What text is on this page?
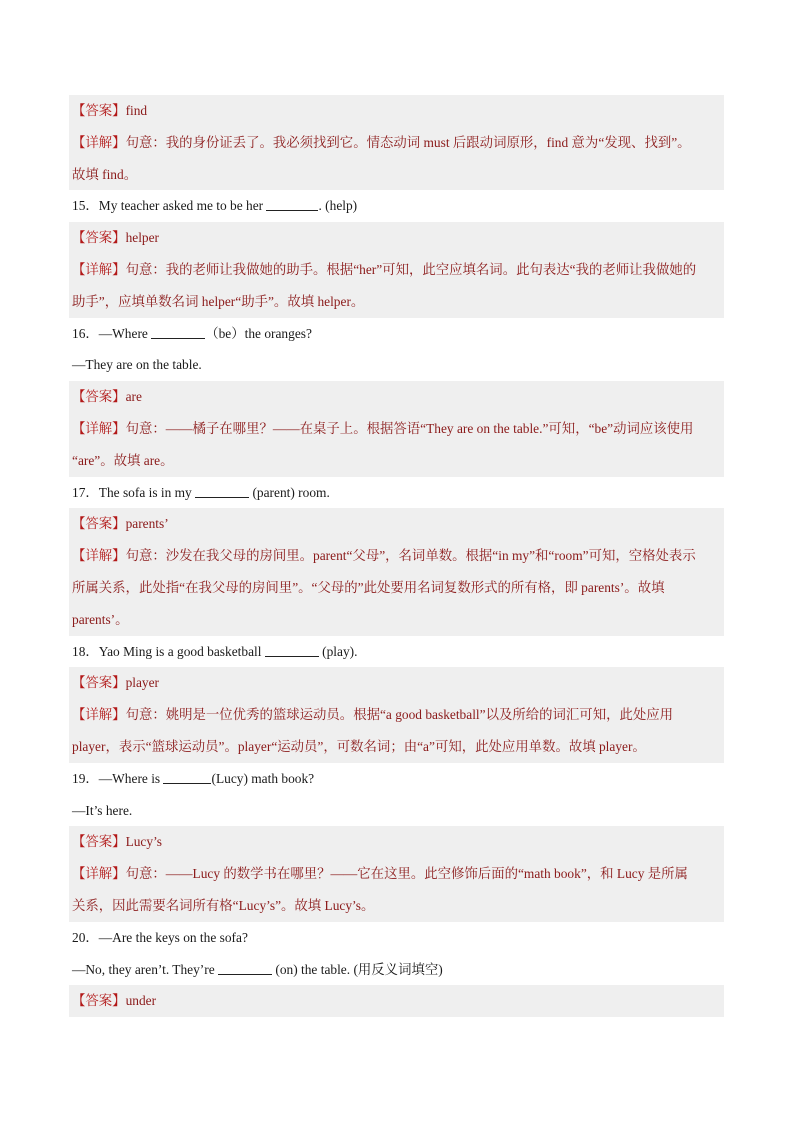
【答案】find
【详解】句意：我的身份证丢了。我必须找到它。情态动词 must 后跟动词原形，find 意为“发现、找到”。
故填 find。
15．My teacher asked me to be her	. (help)
【答案】helper
【详解】句意：我的老师让我做她的助手。根据“her”可知，此空应填名词。此句表达“我的老师让我做她的
助手”，应填单数名词 helper“助手”。故填 helper。
16．—Where	（be）the oranges?
—They are on the table.
【答案】are
【详解】句意：——橘子在哪里？——在桌子上。根据答语“They are on the table.”可知，“be”动词应该使用
“are”。故填 are。
17．The sofa is in my	(parent) room.
【答案】parents’
【详解】句意：沙发在我父母的房间里。parent“父母”，名词单数。根据“in my”和“room”可知，空格处表示
所属关系，此处指“在我父母的房间里”。“父母的”此处要用名词复数形式的所有格，即 parents’。故填
parents’。
18．Yao Ming is a good basketball	(play).
【答案】player
【详解】句意：姚明是一位优秀的篮球运动员。根据“a good basketball”以及所给的词汇可知，此处应用
player，表示“篮球运动员”。player“运动员”，可数名词；由“a”可知，此处应用单数。故填 player。
19．—Where is	(Lucy) math book?
—It’s here.
【答案】Lucy’s
【详解】句意：——Lucy 的数学书在哪里？——它在这里。此空修饰后面的“math book”，和 Lucy 是所属
关系，因此需要名词所有格“Lucy’s”。故填 Lucy’s。
20．—Are the keys on the sofa?
—No, they aren’t. They’re	(on) the table. (用反义词填空)
【答案】under
